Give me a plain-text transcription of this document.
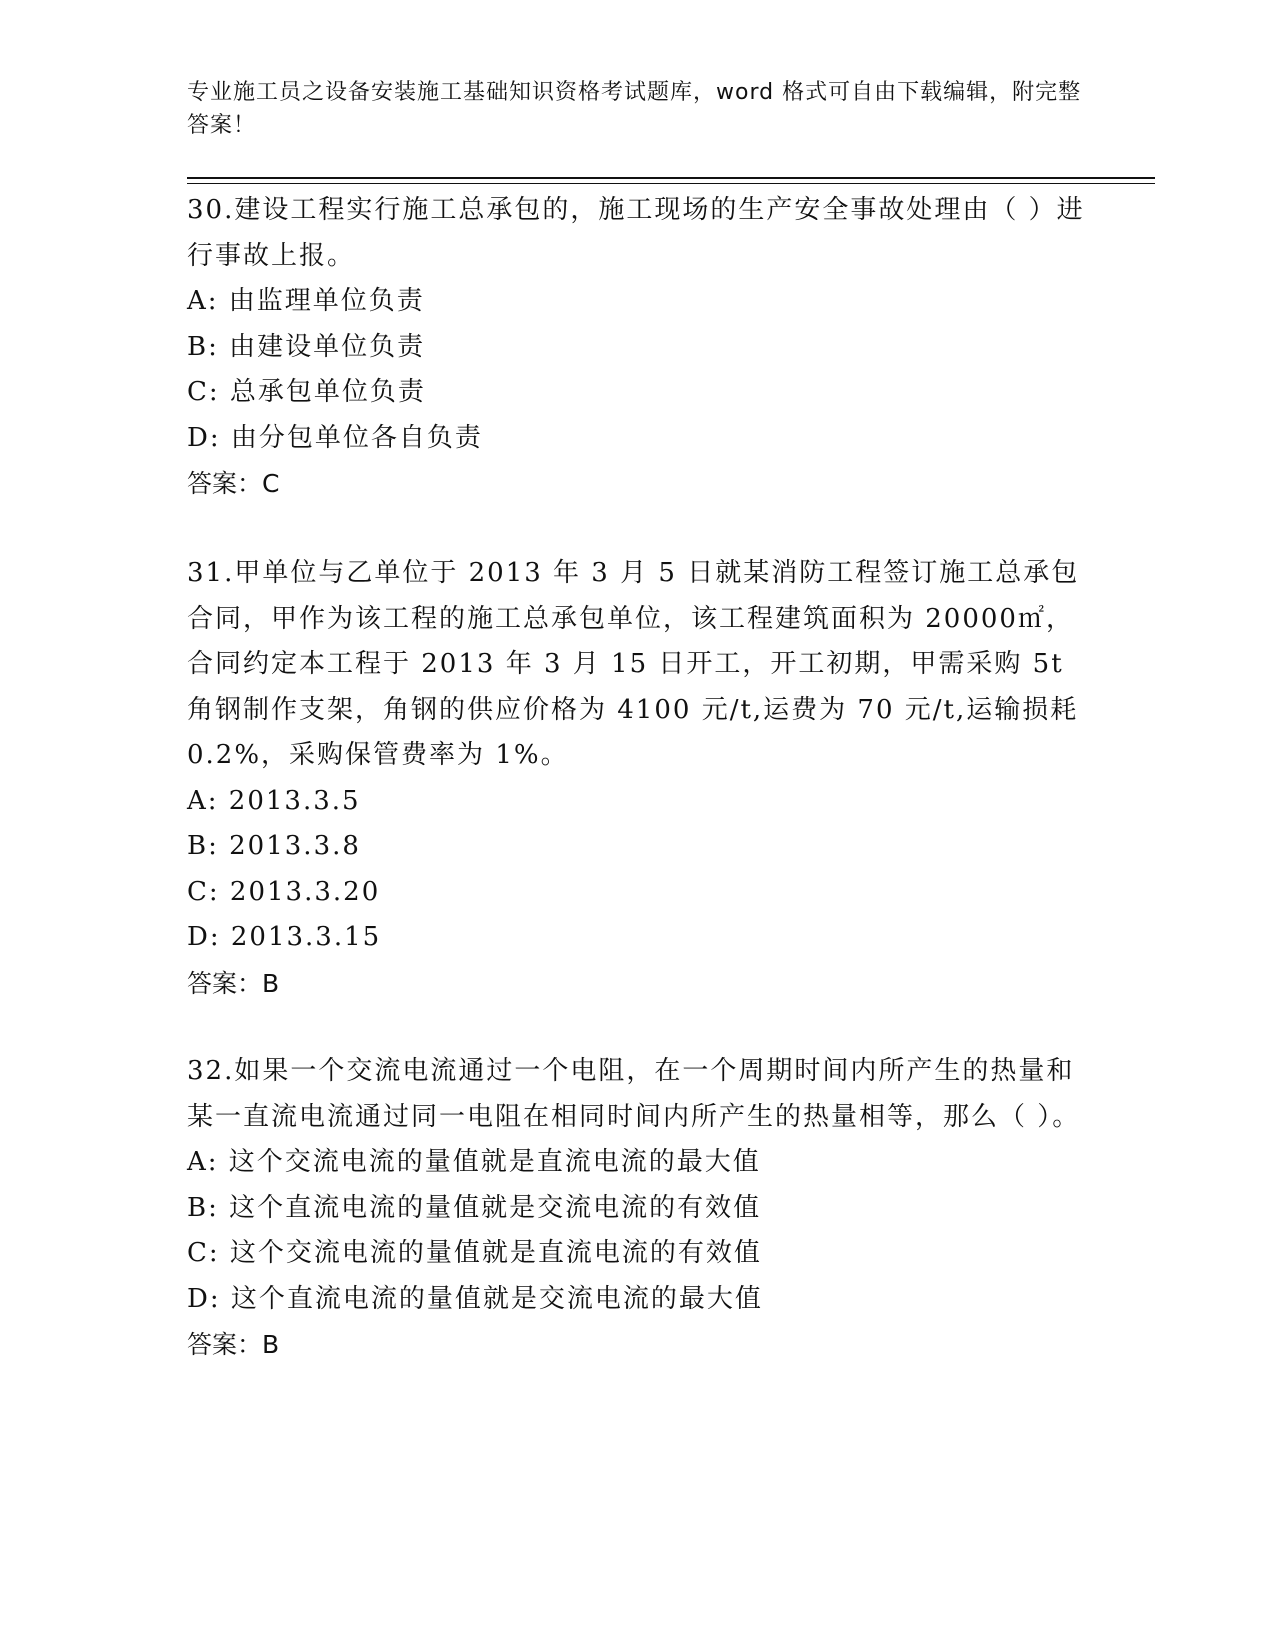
专业施工员之设备安装施工基础知识资格考试题库，word 格式可自由下载编辑，附完整答案！

30.建设工程实行施工总承包的，施工现场的生产安全事故处理由（ ）进行事故上报。

A: 由监理单位负责

B: 由建设单位负责

C: 总承包单位负责

D: 由分包单位各自负责

答案：C

31.甲单位与乙单位于 2013 年 3 月 5 日就某消防工程签订施工总承包合同，甲作为该工程的施工总承包单位，该工程建筑面积为 20000㎡，合同约定本工程于 2013 年 3 月 15 日开工，开工初期，甲需采购 5t 角钢制作支架，角钢的供应价格为 4100 元/t,运费为 70 元/t,运输损耗 0.2%，采购保管费率为 1%。

A: 2013.3.5

B: 2013.3.8

C: 2013.3.20

D: 2013.3.15

答案：B

32.如果一个交流电流通过一个电阻，在一个周期时间内所产生的热量和某一直流电流通过同一电阻在相同时间内所产生的热量相等，那么（ ）。

A: 这个交流电流的量值就是直流电流的最大值

B: 这个直流电流的量值就是交流电流的有效值

C: 这个交流电流的量值就是直流电流的有效值

D: 这个直流电流的量值就是交流电流的最大值

答案：B
